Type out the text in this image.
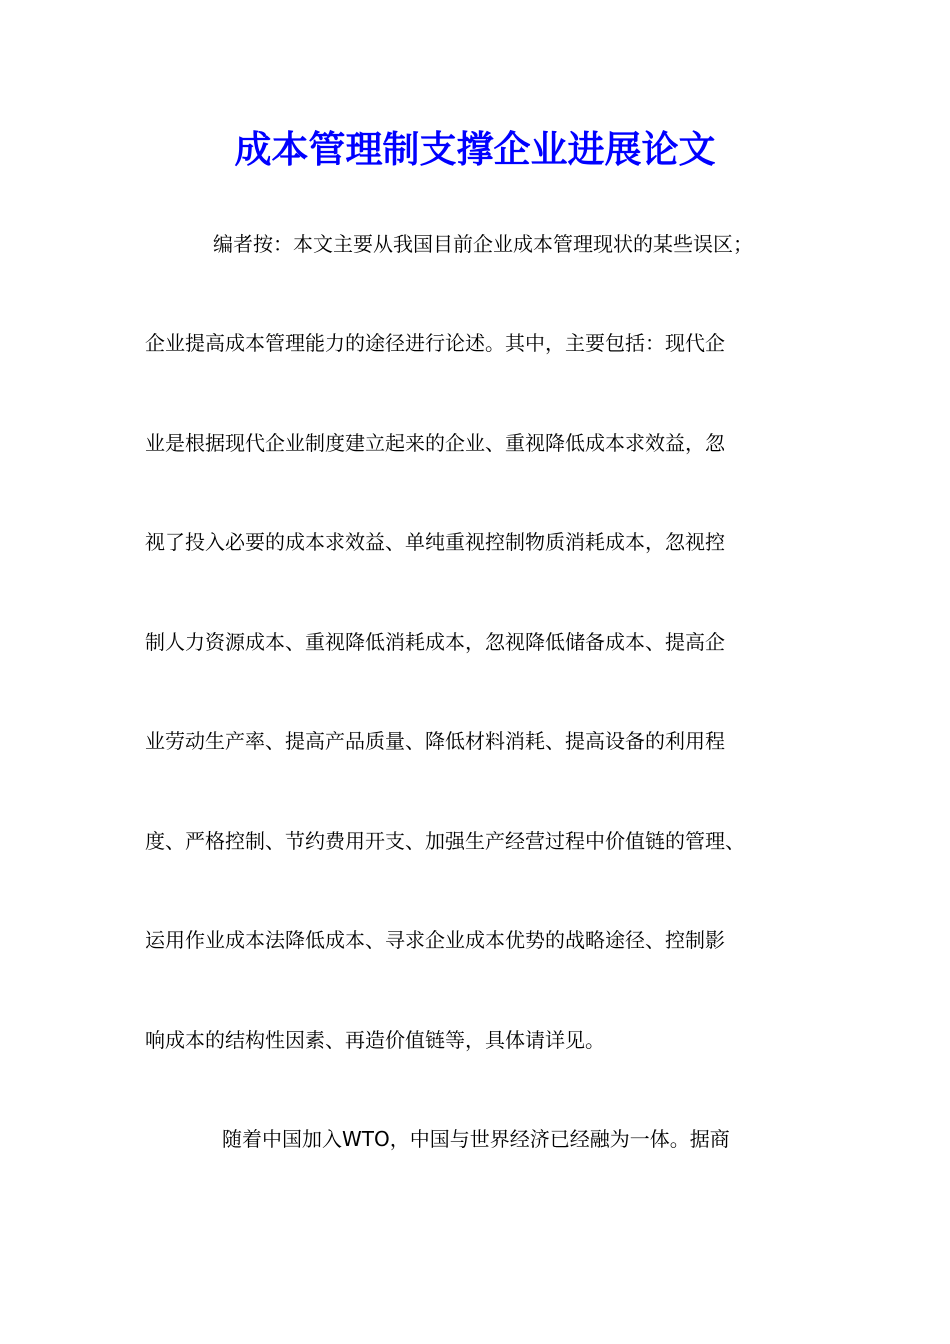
成本管理制支撑企业进展论文

编者按：本文主要从我国目前企业成本管理现状的某些误区；

企业提高成本管理能力的途径进行论述。其中，主要包括：现代企

业是根据现代企业制度建立起来的企业、重视降低成本求效益，忽

视了投入必要的成本求效益、单纯重视控制物质消耗成本，忽视控

制人力资源成本、重视降低消耗成本，忽视降低储备成本、提高企

业劳动生产率、提高产品质量、降低材料消耗、提高设备的利用程

度、严格控制、节约费用开支、加强生产经营过程中价值链的管理、

运用作业成本法降低成本、寻求企业成本优势的战略途径、控制影

响成本的结构性因素、再造价值链等，具体请详见。

随着中国加入WTO，中国与世界经济已经融为一体。据商
